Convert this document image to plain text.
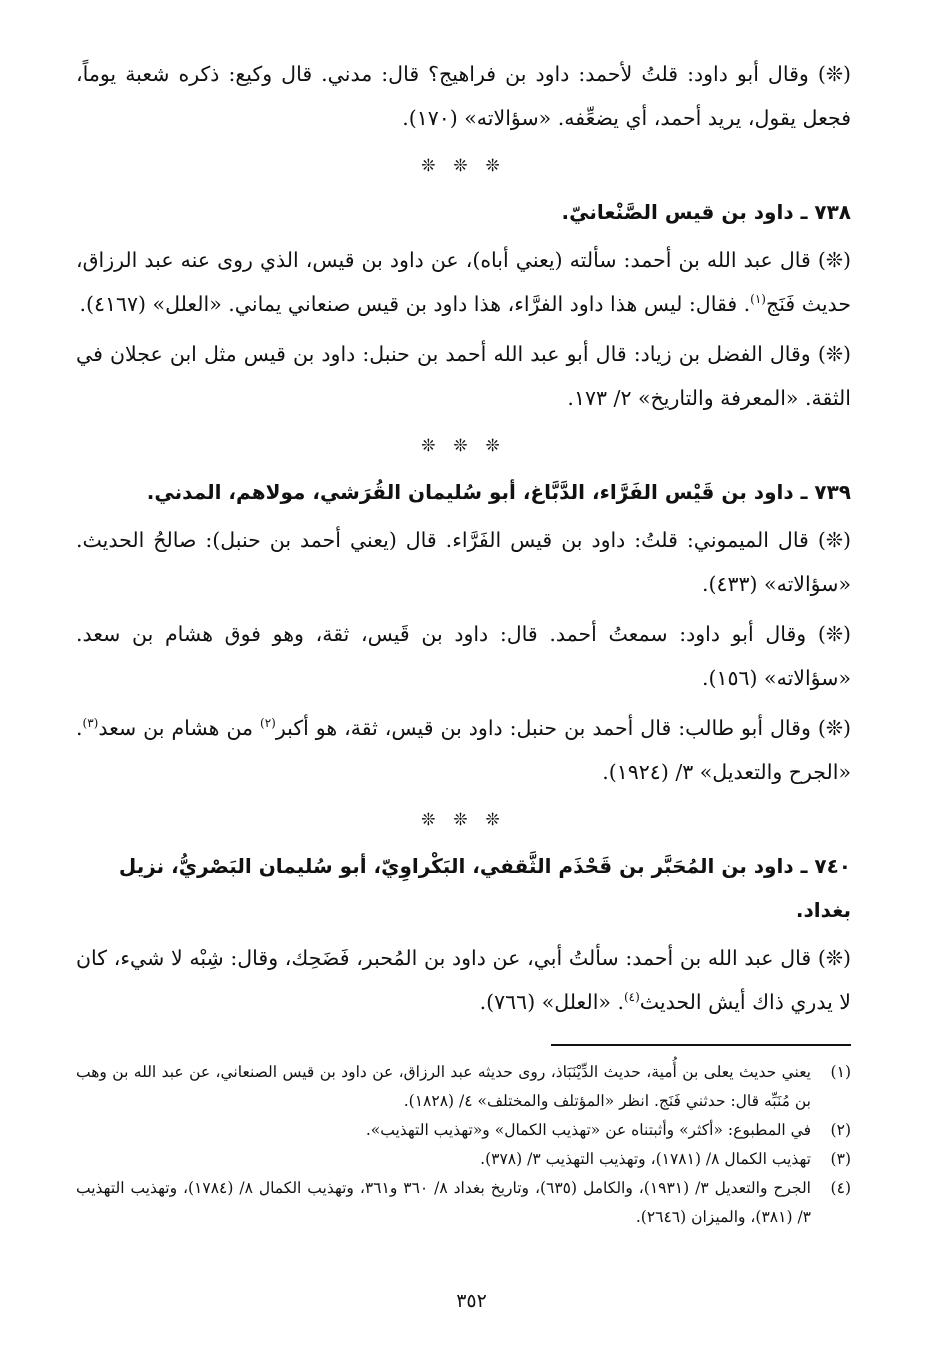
(❊) وقال أبو داود: قلتُ لأحمد: داود بن فراهيج؟ قال: مدني. قال وكيع: ذكره شعبة يوماً، فجعل يقول، يريد أحمد، أي يضعِّفه. «سؤالاته» (١٧٠).

❊ ❊ ❊
٧٣٨ ـ داود بن قيس الصَّنْعانيّ.

(❊) قال عبد الله بن أحمد: سألته (يعني أباه)، عن داود بن قيس، الذي روى عنه عبد الرزاق، حديث فَنَج$^{(١)}$. فقال: ليس هذا داود الفرَّاء، هذا داود بن قيس صنعاني يماني. «العلل» (٤١٦٧).

(❊) وقال الفضل بن زياد: قال أبو عبد الله أحمد بن حنبل: داود بن قيس مثل ابن عجلان في الثقة. «المعرفة والتاريخ» ٢/ ١٧٣.

❊ ❊ ❊
٧٣٩ ـ داود بن قَيْس الفَرَّاء، الدَّبَّاغ، أبو سُليمان القُرَشي، مولاهم، المدني.

(❊) قال الميموني: قلتُ: داود بن قيس الفَرَّاء. قال (يعني أحمد بن حنبل): صالحُ الحديث. «سؤالاته» (٤٣٣).

(❊) وقال أبو داود: سمعتُ أحمد. قال: داود بن قَيس، ثقة، وهو فوق هشام بن سعد. «سؤالاته» (١٥٦).

(❊) وقال أبو طالب: قال أحمد بن حنبل: داود بن قيس، ثقة، هو أكبر$^{(٢)}$ من هشام بن سعد$^{(٣)}$. «الجرح والتعديل» ٣/ (١٩٢٤).

❊ ❊ ❊
٧٤٠ ـ داود بن المُحَبَّر بن قَحْذَم الثَّقفي، البَكْراوِيّ، أبو سُليمان البَصْريُّ، نزيل بغداد.

(❊) قال عبد الله بن أحمد: سألتُ أبي، عن داود بن المُحبر، فَضَحِك، وقال: شِبْه لا شيء، كان لا يدري ذاك أيش الحديث$^{(٤)}$. «العلل» (٧٦٦).

(١)
يعني حديث يعلى بن أُمية، حديث الدِّيْنَبَاذ، روى حديثه عبد الرزاق، عن داود بن قيس الصنعاني، عن عبد الله بن وهب بن مُنَبِّه قال: حدثني فَنَج. انظر «المؤتلف والمختلف» ٤/ (١٨٢٨).
(٢)
في المطبوع: «أكثر» وأثبتناه عن «تهذيب الكمال» و«تهذيب التهذيب».
(٣)
تهذيب الكمال ٨/ (١٧٨١)، وتهذيب التهذيب ٣/ (٣٧٨).
(٤)
الجرح والتعديل ٣/ (١٩٣١)، والكامل (٦٣٥)، وتاريخ بغداد ٨/ ٣٦٠ و٣٦١، وتهذيب الكمال ٨/ (١٧٨٤)، وتهذيب التهذيب ٣/ (٣٨١)، والميزان (٢٦٤٦).
٣٥٢
